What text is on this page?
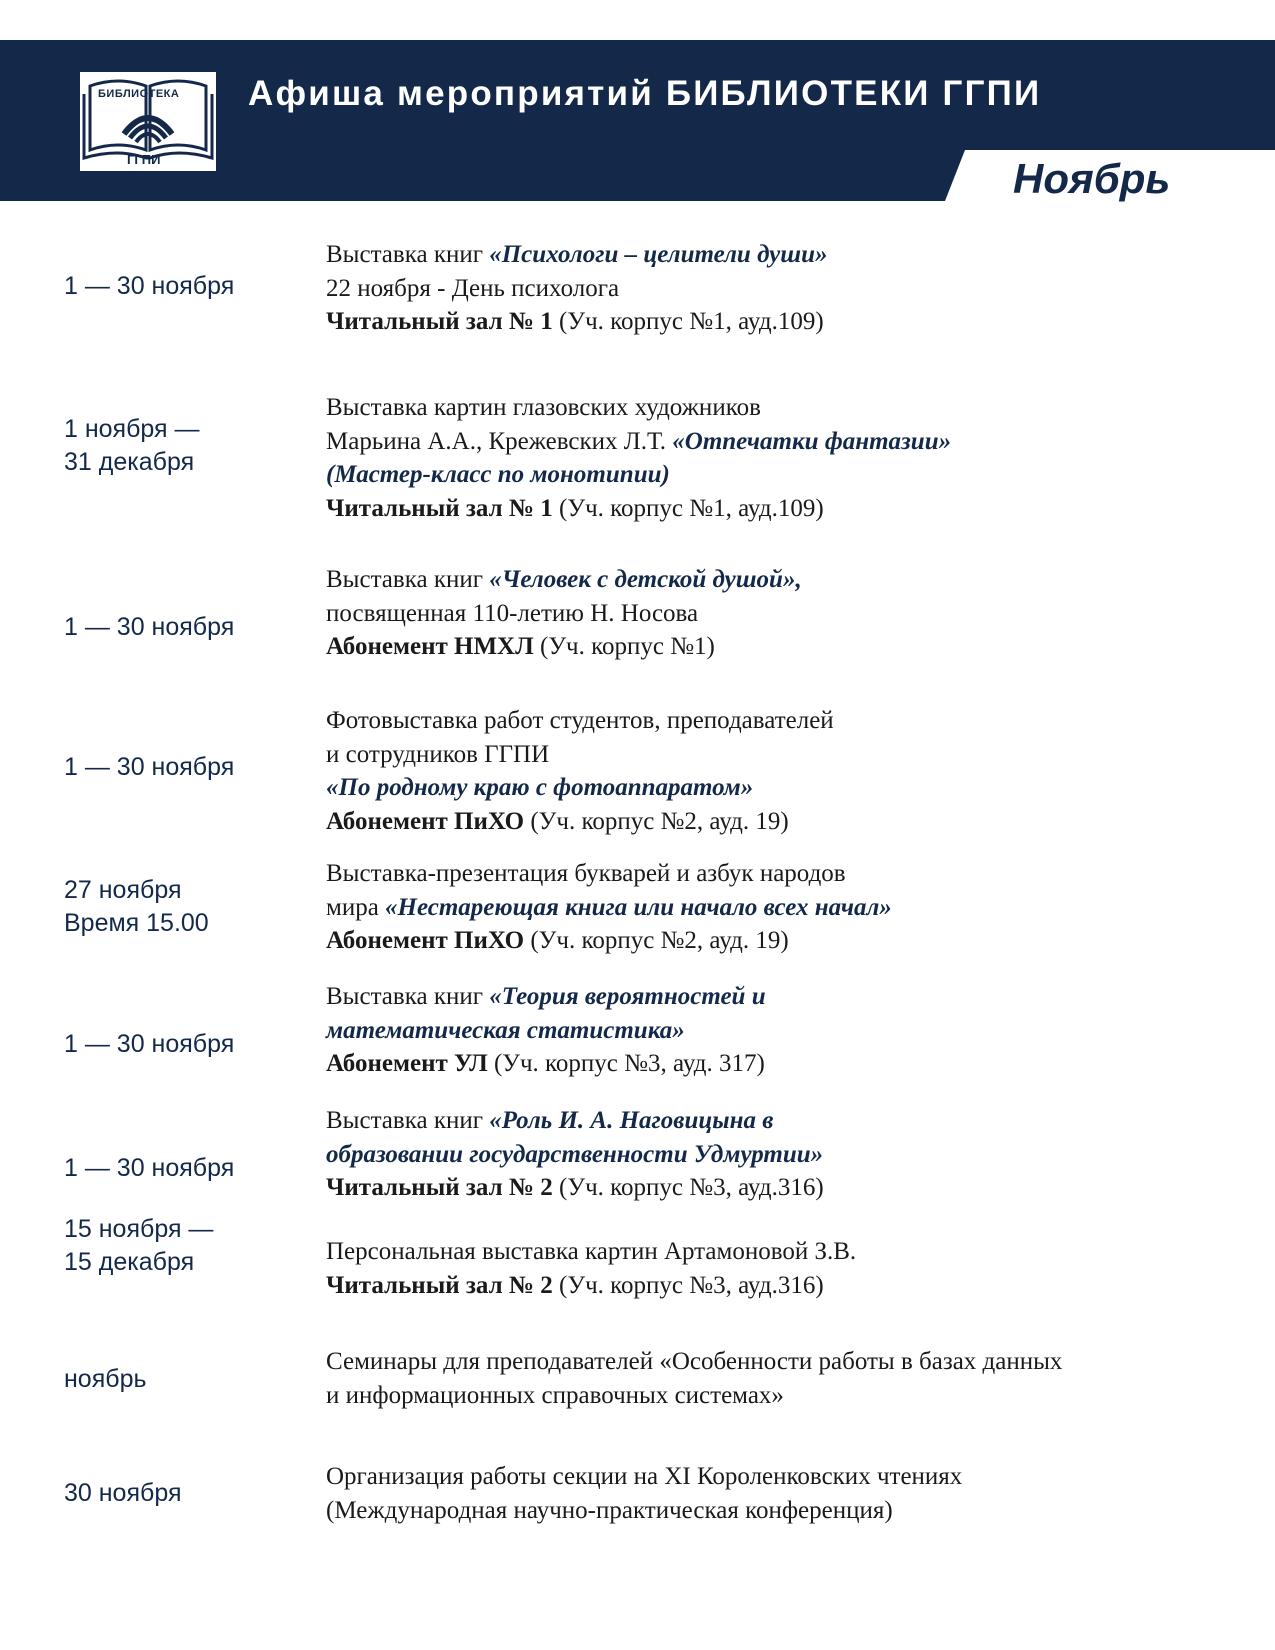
БИБЛИОТЕКА
ГГПИ
Афиша мероприятий БИБЛИОТЕКИ ГГПИ
Ноябрь
1 — 30 ноября
Выставка книг «Психологи – целители души»
22 ноября - День психолога
Читальный зал № 1 (Уч. корпус №1, ауд.109)
1 ноября —
31 декабря
Выставка картин глазовских художников
Марьина А.А., Крежевских Л.Т. «Отпечатки фантазии»
(Мастер-класс по монотипии)
Читальный зал № 1 (Уч. корпус №1, ауд.109)
1 — 30 ноября
Выставка книг «Человек с детской душой»,
посвященная 110-летию Н. Носова
Абонемент НМХЛ (Уч. корпус №1)
1 — 30 ноября
Фотовыставка работ студентов, преподавателей
и сотрудников ГГПИ
«По родному краю с фотоаппаратом»
Абонемент ПиХО (Уч. корпус №2, ауд. 19)
27 ноября
Время 15.00
Выставка-презентация букварей и азбук народов
мира «Нестареющая книга или начало всех начал»
Абонемент ПиХО (Уч. корпус №2, ауд. 19)
1 — 30 ноября
Выставка книг «Теория вероятностей и
математическая статистика»
Абонемент УЛ (Уч. корпус №3, ауд. 317)
1 — 30 ноября
Выставка книг «Роль И. А. Наговицына в
образовании государственности Удмуртии»
Читальный зал № 2 (Уч. корпус №3, ауд.316)
15 ноября —
15 декабря	Персональная выставка картин Артамоновой З.В.
Читальный зал № 2 (Уч. корпус №3, ауд.316)
ноябрь
Семинары для преподавателей «Особенности работы в базах данных
и информационных справочных системах»
30 ноября
Организация работы секции на XI Короленковских чтениях
(Международная научно-практическая конференция)
